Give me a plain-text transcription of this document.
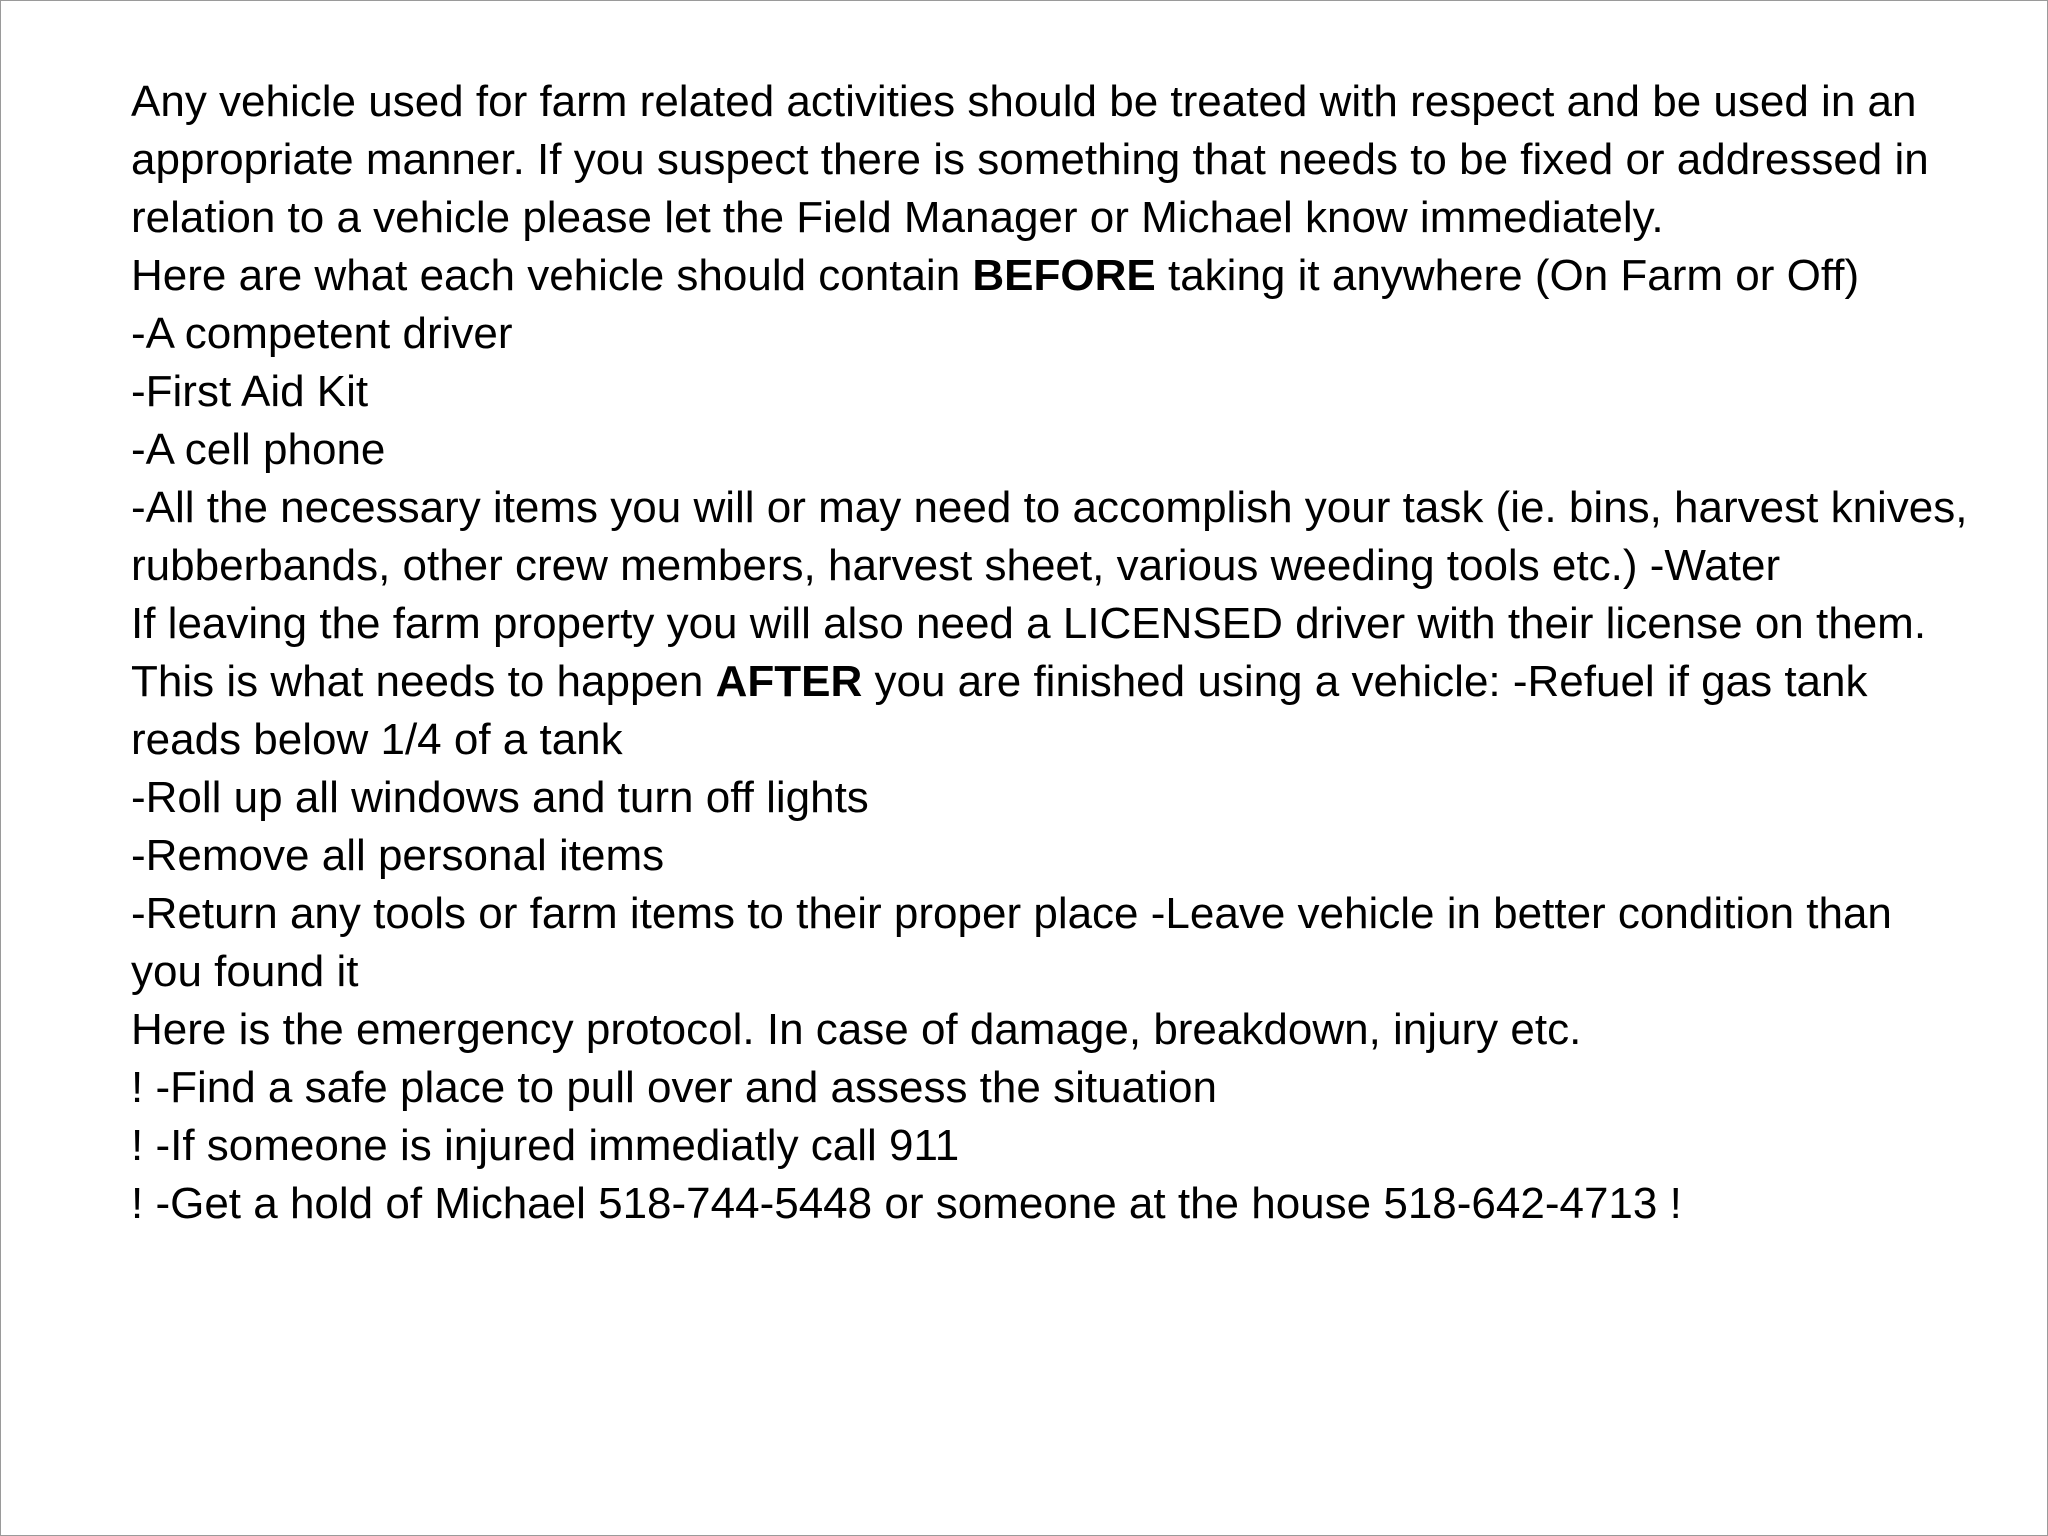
Any vehicle used for farm related activities should be treated with respect and be used in an appropriate manner. If you suspect there is something that needs to be fixed or addressed in relation to a vehicle please let the Field Manager or Michael know immediately.

Here are what each vehicle should contain BEFORE taking it anywhere (On Farm or Off)

-A competent driver

-First Aid Kit

-A cell phone

-All the necessary items you will or may need to accomplish your task (ie. bins, harvest knives, rubberbands, other crew members, harvest sheet, various weeding tools etc.) -Water

If leaving the farm property you will also need a LICENSED driver with their license on them.

This is what needs to happen AFTER you are finished using a vehicle: -Refuel if gas tank reads below 1/4 of a tank

-Roll up all windows and turn off lights

-Remove all personal items

-Return any tools or farm items to their proper place -Leave vehicle in better condition than you found it

Here is the emergency protocol. In case of damage, breakdown, injury etc.

! -Find a safe place to pull over and assess the situation

! -If someone is injured immediatly call 911

! -Get a hold of Michael 518-744-5448 or someone at the house 518-642-4713 !
